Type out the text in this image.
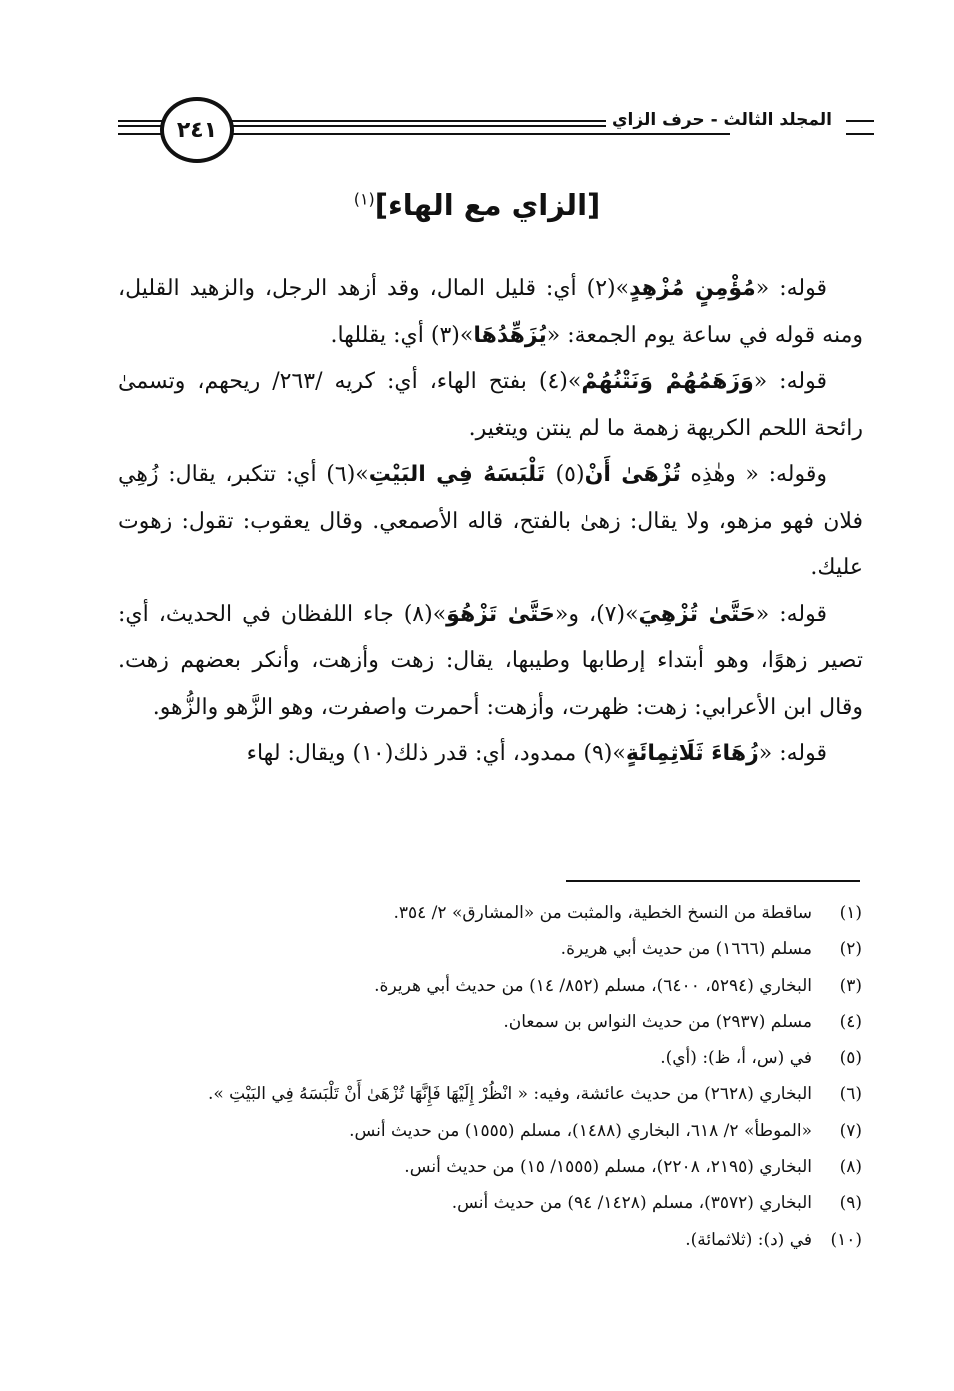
٢٤١	المجلد الثالث - حرف الزاي
[الزاي مع الهاء]$^{(١)}$

قوله: «مُؤْمِنٍ مُزْهِدٍ»(٢) أي: قليل المال، وقد أزهد الرجل، والزهيد القليل، ومنه قوله في ساعة يوم الجمعة: «يُزَهِّدُهَا»(٣) أي: يقللها.

قوله: «وَزَهَمُهُمْ وَنَتْنُهُمْ»(٤) بفتح الهاء، أي: كريه /٢٦٣/ ريحهم، وتسمىٰ رائحة اللحم الكريهة زهمة ما لم ينتن ويتغير.

وقوله: « وهٰذِه تُزْهَىٰ أَنْ(٥) تَلْبَسَهُ فِي البَيْتِ»(٦) أي: تتكبر، يقال: زُهِي فلان فهو مزهو، ولا يقال: زهىٰ بالفتح، قاله الأصمعي. وقال يعقوب: تقول: زهوت عليك.

قوله: «حَتَّىٰ تُزْهِيَ»(٧)، و«حَتَّىٰ تَزْهُوَ»(٨) جاء اللفظان في الحديث، أي: تصير زهوًا، وهو أبتداء إرطابها وطيبها، يقال: زهت وأزهت، وأنكر بعضهم زهت. وقال ابن الأعرابي: زهت: ظهرت، وأزهت: أحمرت واصفرت، وهو الزَّهو والزُّهو.

قوله: «زُهَاءَ ثَلَاثِمِائَةٍ»(٩) ممدود، أي: قدر ذلك(١٠) ويقال: لهاء

(١)
ساقطة من النسخ الخطية، والمثبت من «المشارق» ٢/ ٣٥٤.
(٢)
مسلم (١٦٦٦) من حديث أبي هريرة.
(٣)
البخاري (٥٢٩٤، ٦٤٠٠)، مسلم (٨٥٢/ ١٤) من حديث أبي هريرة.
(٤)
مسلم (٢٩٣٧) من حديث النواس بن سمعان.
(٥)
في (س، أ، ظ): (أي).
(٦)
البخاري (٢٦٢٨) من حديث عائشة، وفيه: « انْظُرْ إِلَيْهَا فَإِنَّهَا تُزْهَىٰ أَنْ تَلْبَسَهُ فِي البَيْتِ ».
(٧)
«الموطأ» ٢/ ٦١٨، البخاري (١٤٨٨)، مسلم (١٥٥٥) من حديث أنس.
(٨)
البخاري (٢١٩٥، ٢٢٠٨)، مسلم (١٥٥٥/ ١٥) من حديث أنس.
(٩)
البخاري (٣٥٧٢)، مسلم (١٤٢٨/ ٩٤) من حديث أنس.
(١٠)
في (د): (ثلاثمائة).
